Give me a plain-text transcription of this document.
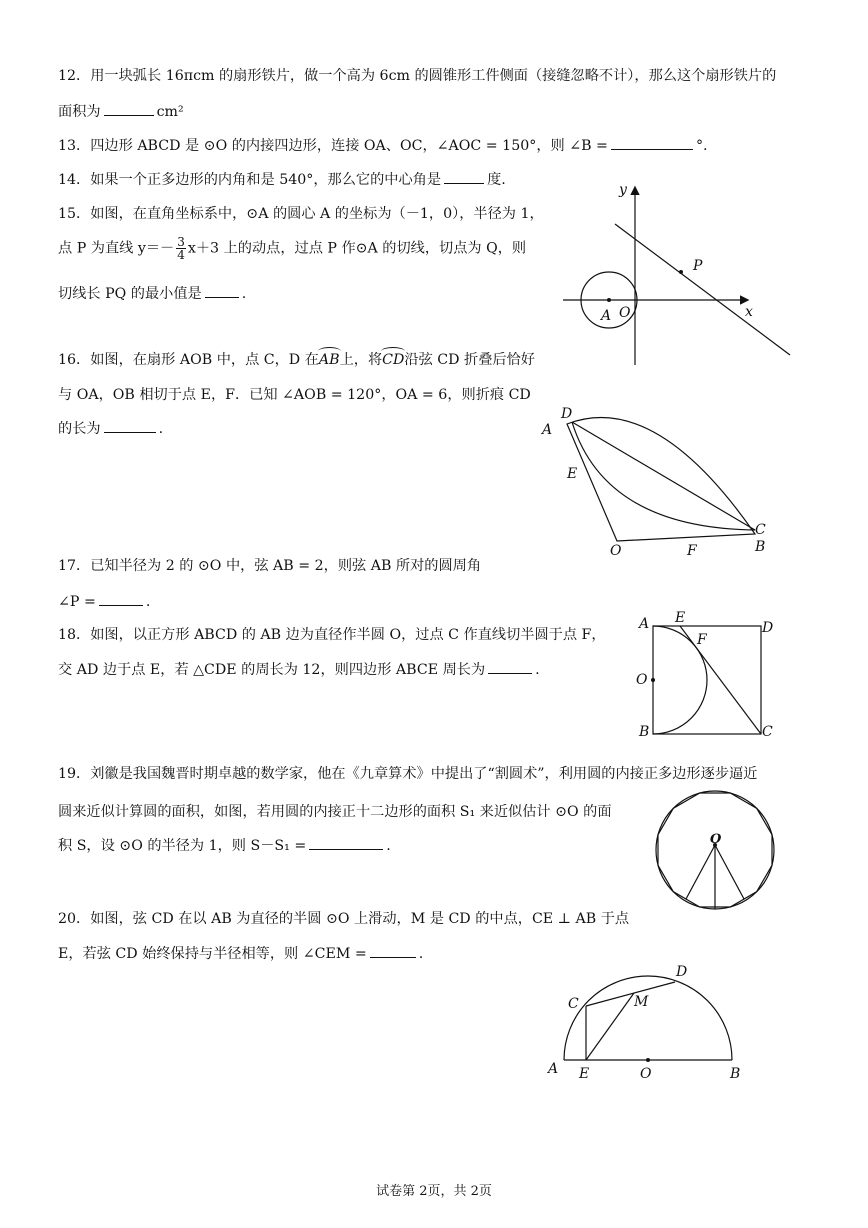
12．用一块弧长 16πcm 的扇形铁片，做一个高为 6cm 的圆锥形工件侧面（接缝忽略不计），那么这个扇形铁片的
面积为	cm²
13．四边形 ABCD 是 ⊙O 的内接四边形，连接 OA、OC，∠AOC = 150°，则 ∠B =	°.
14．如果一个正多边形的内角和是 540°，那么它的中心角是	度.
15．如图，在直角坐标系中，⊙A 的圆心 A 的坐标为（－1，0），半径为 1，
点 P 为直线 $y=- \frac{3}{4} x+3$ 上的动点，过点 P 作⊙A 的切线，切点为 Q，则
切线长 PQ 的最小值是	.
16．如图，在扇形 AOB 中，点 C，D 在AB上，将CD沿弦 CD 折叠后恰好
与 OA，OB 相切于点 E，F．已知 ∠AOB = 120°，OA = 6，则折痕 CD
的长为	.
17．已知半径为 2 的 ⊙O 中，弦 AB = 2，则弦 AB 所对的圆周角
∠P =	.
18．如图，以正方形 ABCD 的 AB 边为直径作半圆 O，过点 C 作直线切半圆于点 F，
交 AD 边于点 E，若 △CDE 的周长为 12，则四边形 ABCE 周长为	.
19．刘徽是我国魏晋时期卓越的数学家，他在《九章算术》中提出了“割圆术”，利用圆的内接正多边形逐步逼近
圆来近似计算圆的面积，如图，若用圆的内接正十二边形的面积 S₁ 来近似估计 ⊙O 的面
积 S，设 ⊙O 的半径为 1，则 S－S₁ =	.
20．如图，弦 CD 在以 AB 为直径的半圆 ⊙O 上滑动，M 是 CD 的中点，CE ⊥ AB 于点
E，若弦 CD 始终保持与半径相等，则 ∠CEM =	.
y
x
P
A O
D
A
E
C
O	F	B
A E
D
F
O
B	C
O
D
C	M
A E	O	B
试卷第 2页，共 2页
